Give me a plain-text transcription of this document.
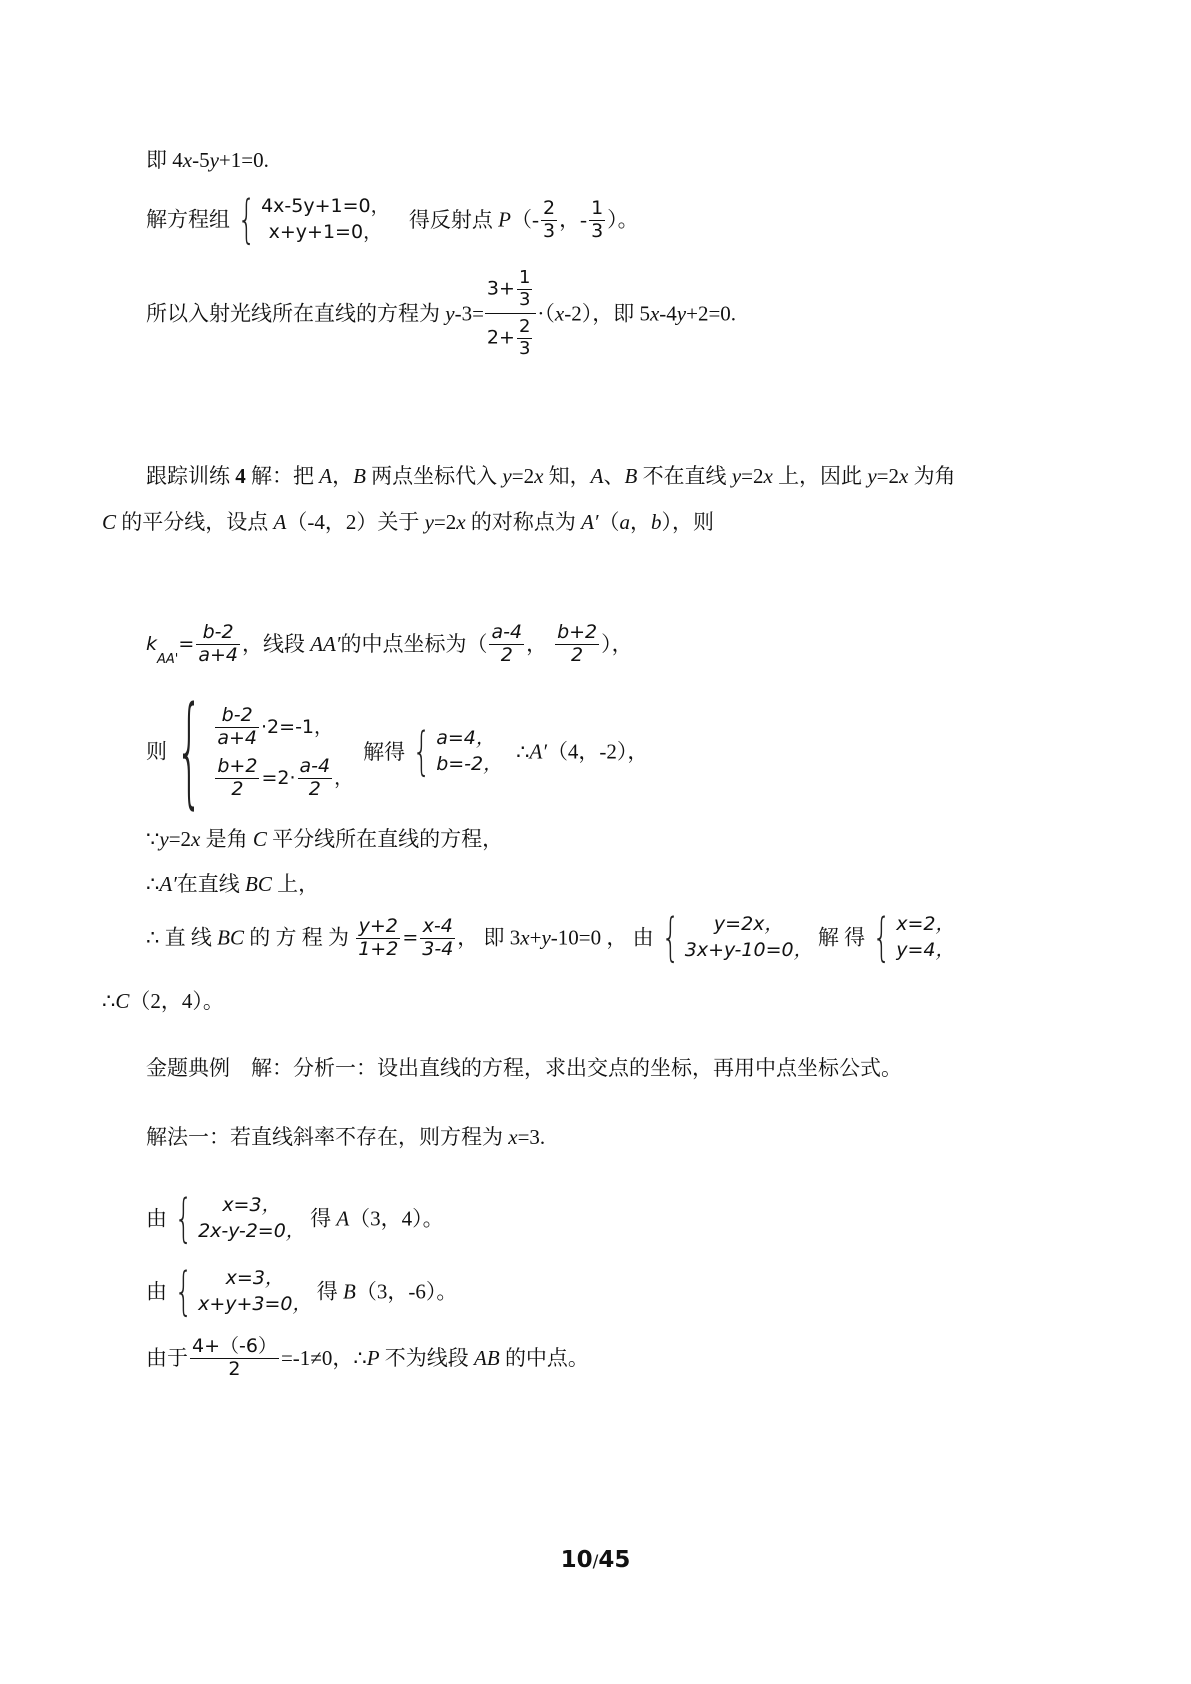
即 4x-5y+1=0.
解方程组 { 4x-5y+1=0，
x+y+1=0，
得反射点 $P(- \frac{2}{3}$ ，- $\frac{1}{3}$ ）。
所以入射光线所在直线的方程为 $y-3= \frac{3+ \frac{1}{3}}{2+ \frac{2}{3}} \cdot(x-2)$，即 5x-4y+2=0.
跟踪训练 4 解：把 A，B 两点坐标代入 y=2x 知，A、B 不在直线 y=2x 上，因此 y=2x 为角
C 的平分线，设点 A（-4，2）关于 y=2x 的对称点为 A′（a，b），则
$k_{AA'}= \frac{b-2}{a+4}$ ，线段 AA′的中点坐标为（ $\frac{a-4}{2}$ ， $\frac{b+2}{2}$ ），
则 { $\frac{b-2}{a+4} \cdot 2=-1$，
$\frac{b+2}{2} =2\cdot \frac{a-4}{2}$ ，
解得 { a=4，
b=-2，
∴A′（4，-2），
∵y=2x 是角 C 平分线所在直线的方程，
∴A′在直线 BC 上，
∴ 直 线 BC 的 方 程 为 $\frac{y+2}{1+2} = \frac{x-4}{3-4}$ ， 即 3x+y-10=0 ， 由 {	y=2x，
3x+y-10=0，
解 得 { x=2，
y=4，
∴C（2，4）。
金题典例　解：分析一：设出直线的方程，求出交点的坐标，再用中点坐标公式。
解法一：若直线斜率不存在，则方程为 x=3.
由 {	x=3，
2x-y-2=0，
得 A（3，4）。
由 {	x=3，
x+y+3=0，
得 B（3，-6）。
由于 $\frac{4+(-6)}{2} =-1\ne 0$，∴P 不为线段 AB 的中点。
10/45
